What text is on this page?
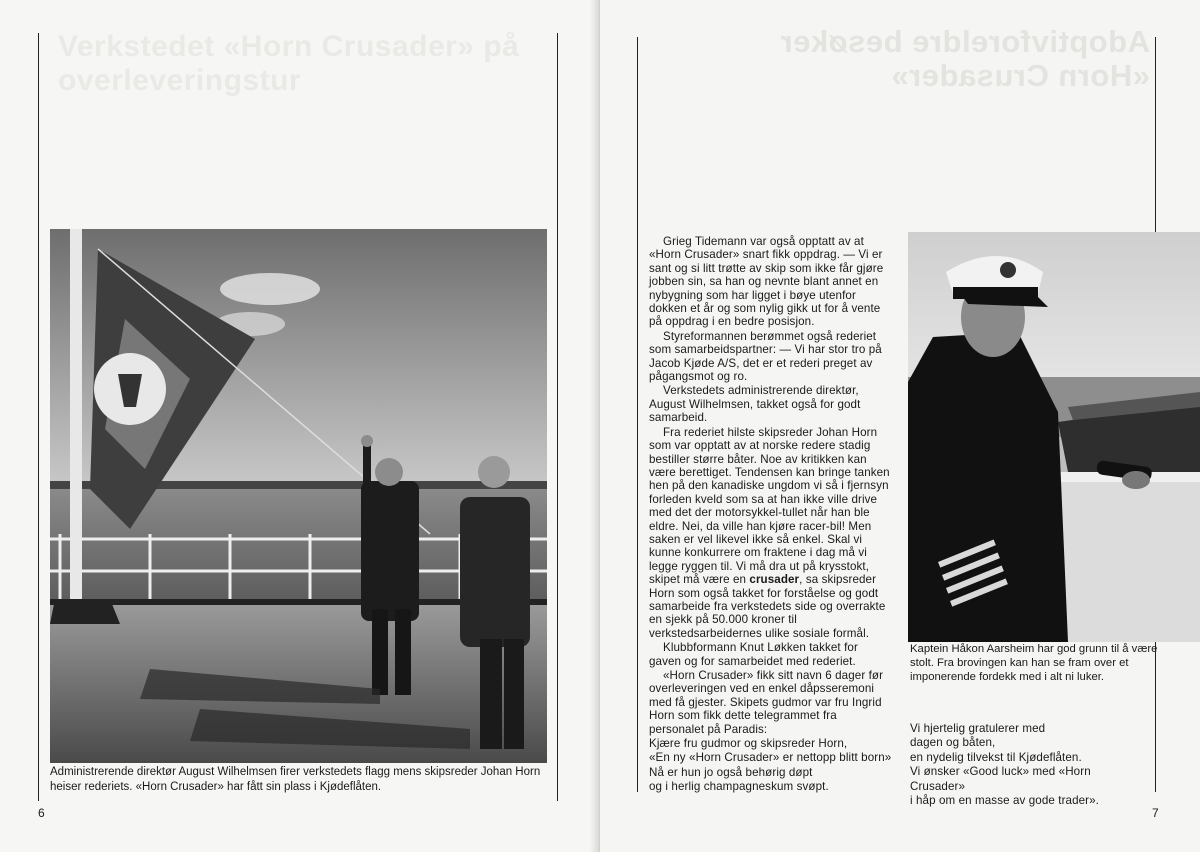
Verkstedet «Horn Crusader» på
overleveringstur
Administrerende direktør August Wilhelmsen firer verkstedets flagg mens skipsreder Johan Horn heiser rederiets. «Horn Crusader» har fått sin plass i Kjødeflåten.
6
Adoptivforeldre besøker
«Horn Crusader»

Grieg Tidemann var også opptatt av at «Horn Crusader» snart fikk oppdrag. — Vi er sant og si litt trøtte av skip som ikke får gjøre jobben sin, sa han og nevnte blant annet en nybygning som har ligget i bøye utenfor dokken et år og som nylig gikk ut for å vente på oppdrag i en bedre posisjon.

Styreformannen berømmet også rederiet som samarbeidspartner: — Vi har stor tro på Jacob Kjøde A/S, det er et rederi preget av pågangsmot og ro.

Verkstedets administrerende direktør, August Wilhelmsen, takket også for godt samarbeid.

Fra rederiet hilste skipsreder Johan Horn som var opptatt av at norske redere stadig bestiller større båter. Noe av kritikken kan være berettiget. Tendensen kan bringe tanken hen på den kanadiske ungdom vi så i fjernsyn forleden kveld som sa at han ikke ville drive med det der motorsykkel-tullet når han ble eldre. Nei, da ville han kjøre racer-bil! Men saken er vel likevel ikke så enkel. Skal vi kunne konkurrere om fraktene i dag må vi legge ryggen til. Vi må dra ut på krysstokt, skipet må være en crusader, sa skipsreder Horn som også takket for forståelse og godt samarbeide fra verkstedets side og overrakte en sjekk på 50.000 kroner til verkstedsarbeidernes ulike sosiale formål.

Klubbformann Knut Løkken takket for gaven og for samarbeidet med rederiet.

«Horn Crusader» fikk sitt navn 6 dager før overleveringen ved en enkel dåpsseremoni med få gjester. Skipets gudmor var fru Ingrid Horn som fikk dette telegrammet fra personalet på Paradis:

Kjære fru gudmor og skipsreder Horn,

«En ny «Horn Crusader» er nettopp blitt born»

Nå er hun jo også behørig døpt

og i herlig champagneskum svøpt.

Kaptein Håkon Aarsheim har god grunn til å være stolt. Fra brovingen kan han se fram over et imponerende fordekk med i alt ni luker.

Vi hjertelig gratulerer med

dagen og båten,

en nydelig tilvekst til Kjødeflåten.

Vi ønsker «Good luck» med «Horn

Crusader»

i håp om en masse av gode trader».

7
